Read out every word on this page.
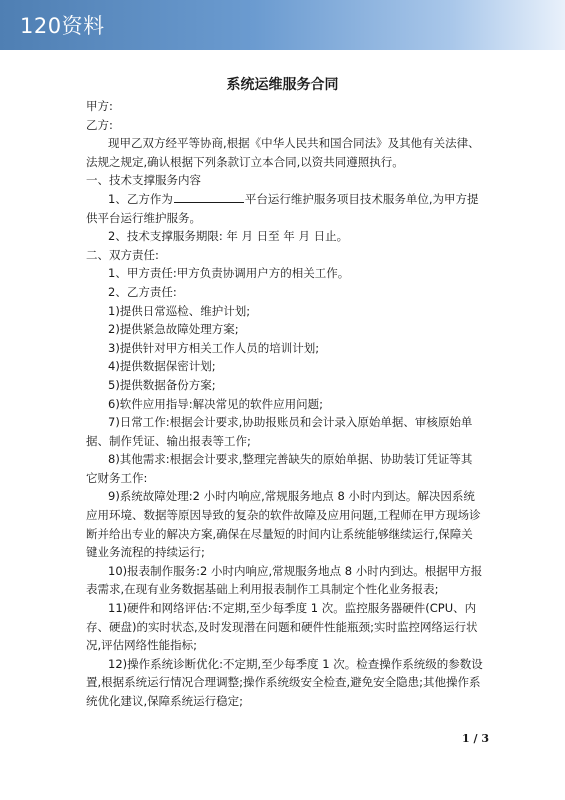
120资料
系统运维服务合同

甲方:

乙方:

现甲乙双方经平等协商,根据《中华人民共和国合同法》及其他有关法律、法规之规定,确认根据下列条款订立本合同,以资共同遵照执行。

一、技术支撑服务内容

1、乙方作为	平台运行维护服务项目技术服务单位,为甲方提供平台运行维护服务。

2、技术支撑服务期限: 年 月 日至 年 月 日止。

二、双方责任:

1、甲方责任:甲方负责协调用户方的相关工作。

2、乙方责任:

1)提供日常巡检、维护计划;

2)提供紧急故障处理方案;

3)提供针对甲方相关工作人员的培训计划;

4)提供数据保密计划;

5)提供数据备份方案;

6)软件应用指导:解决常见的软件应用问题;

7)日常工作:根据会计要求,协助报账员和会计录入原始单据、审核原始单据、制作凭证、输出报表等工作;

8)其他需求:根据会计要求,整理完善缺失的原始单据、协助装订凭证等其它财务工作:

9)系统故障处理:2 小时内响应,常规服务地点 8 小时内到达。解决因系统应用环境、数据等原因导致的复杂的软件故障及应用问题,工程师在甲方现场诊断并给出专业的解决方案,确保在尽量短的时间内让系统能够继续运行,保障关键业务流程的持续运行;

10)报表制作服务:2 小时内响应,常规服务地点 8 小时内到达。根据甲方报表需求,在现有业务数据基础上利用报表制作工具制定个性化业务报表;

11)硬件和网络评估:不定期,至少每季度 1 次。监控服务器硬件(CPU、内存、硬盘)的实时状态,及时发现潜在问题和硬件性能瓶颈;实时监控网络运行状况,评估网络性能指标;

12)操作系统诊断优化:不定期,至少每季度 1 次。检查操作系统级的参数设置,根据系统运行情况合理调整;操作系统级安全检查,避免安全隐患;其他操作系统优化建议,保障系统运行稳定;

1 / 3
